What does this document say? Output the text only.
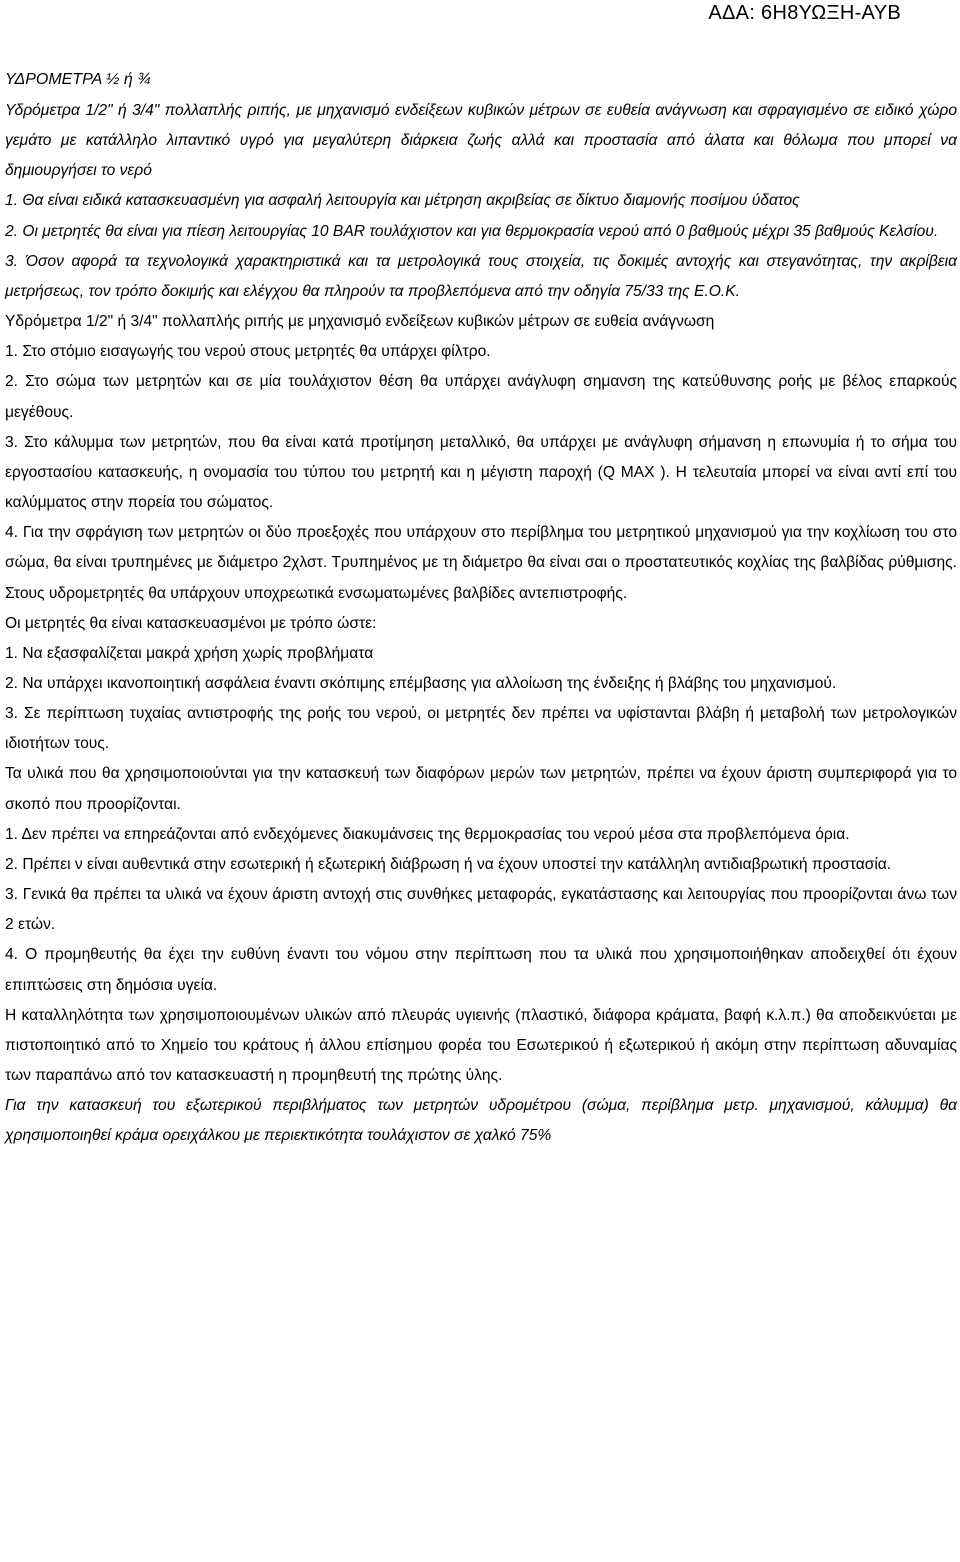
ΑΔΑ: 6Η8ΥΩΞΗ-ΑΥΒ
ΥΔΡΟΜΕΤΡΑ ½ ή ¾

Υδρόμετρα 1/2" ή 3/4" πολλαπλής ριπής, με μηχανισμό ενδείξεων κυβικών μέτρων σε ευθεία ανάγνωση και σφραγισμένο σε ειδικό χώρο γεμάτο με κατάλληλο λιπαντικό υγρό για μεγαλύτερη διάρκεια ζωής αλλά και προστασία από άλατα και θόλωμα που μπορεί να δημιουργήσει το νερό

1. Θα είναι ειδικά κατασκευασμένη για ασφαλή λειτουργία και μέτρηση ακριβείας σε δίκτυο διαμονής ποσίμου ύδατος

2. Οι μετρητές θα είναι για πίεση λειτουργίας 10 BAR τουλάχιστον και για θερμοκρασία νερού από 0 βαθμούς μέχρι 35 βαθμούς Κελσίου.

3. Όσον αφορά τα τεχνολογικά χαρακτηριστικά και τα μετρολογικά τους στοιχεία, τις δοκιμές αντοχής και στεγανότητας, την ακρίβεια μετρήσεως, τον τρόπο δοκιμής και ελέγχου θα πληρούν τα προβλεπόμενα από την οδηγία 75/33 της Ε.Ο.Κ.

Υδρόμετρα 1/2" ή 3/4" πολλαπλής ριπής με μηχανισμό ενδείξεων κυβικών μέτρων σε ευθεία ανάγνωση

1. Στο στόμιο εισαγωγής του νερού στους μετρητές θα υπάρχει φίλτρο.

2. Στο σώμα των μετρητών και σε μία τουλάχιστον θέση θα υπάρχει ανάγλυφη σημανση της κατεύθυνσης ροής με βέλος επαρκούς μεγέθους.

3. Στο κάλυμμα των μετρητών, που θα είναι κατά προτίμηση μεταλλικό, θα υπάρχει με ανάγλυφη σήμανση η επωνυμία ή το σήμα του εργοστασίου κατασκευής, η ονομασία του τύπου του μετρητή και η μέγιστη παροχή (Q MAX ). Η τελευταία μπορεί να είναι αντί επί του καλύμματος στην πορεία του σώματος.

4. Για την σφράγιση των μετρητών οι δύο προεξοχές που υπάρχουν στο περίβλημα του μετρητικού μηχανισμού για την κοχλίωση του στο σώμα, θα είναι τρυπημένες με διάμετρο 2χλστ. Τρυπημένος με τη διάμετρο θα είναι σαι ο προστατευτικός κοχλίας της βαλβίδας ρύθμισης. Στους υδρομετρητές θα υπάρχουν υποχρεωτικά ενσωματωμένες βαλβίδες αντεπιστροφής.

Οι μετρητές θα είναι κατασκευασμένοι με τρόπο ώστε:

1. Να εξασφαλίζεται μακρά χρήση χωρίς προβλήματα

2. Να υπάρχει ικανοποιητική ασφάλεια έναντι σκόπιμης επέμβασης για αλλοίωση της ένδειξης ή βλάβης του μηχανισμού.

3. Σε περίπτωση τυχαίας αντιστροφής της ροής του νερού, οι μετρητές δεν πρέπει να υφίστανται βλάβη ή μεταβολή των μετρολογικών ιδιοτήτων τους.

Τα υλικά που θα χρησιμοποιούνται για την κατασκευή των διαφόρων μερών των μετρητών, πρέπει να έχουν άριστη συμπεριφορά για το σκοπό που προορίζονται.

1. Δεν πρέπει να επηρεάζονται από ενδεχόμενες διακυμάνσεις της θερμοκρασίας του νερού μέσα στα προβλεπόμενα όρια.

2. Πρέπει ν είναι αυθεντικά στην εσωτερική ή εξωτερική διάβρωση ή να έχουν υποστεί την κατάλληλη αντιδιαβρωτική προστασία.

3. Γενικά θα πρέπει τα υλικά να έχουν άριστη αντοχή στις συνθήκες μεταφοράς, εγκατάστασης και λειτουργίας που προορίζονται άνω των 2 ετών.

4. Ο προμηθευτής θα έχει την ευθύνη έναντι του νόμου στην περίπτωση που τα υλικά που χρησιμοποιήθηκαν αποδειχθεί ότι έχουν επιπτώσεις στη δημόσια υγεία.

Η καταλληλότητα των χρησιμοποιουμένων υλικών από πλευράς υγιεινής (πλαστικό, διάφορα κράματα, βαφή κ.λ.π.) θα αποδεικνύεται με πιστοποιητικό από το Χημείο του κράτους ή άλλου επίσημου φορέα του Εσωτερικού ή εξωτερικού ή ακόμη στην περίπτωση αδυναμίας των παραπάνω από τον κατασκευαστή η προμηθευτή της πρώτης ύλης.

Για την κατασκευή του εξωτερικού περιβλήματος των μετρητών υδρομέτρου (σώμα, περίβλημα μετρ. μηχανισμού, κάλυμμα) θα χρησιμοποιηθεί κράμα ορειχάλκου με περιεκτικότητα τουλάχιστον σε χαλκό 75%
